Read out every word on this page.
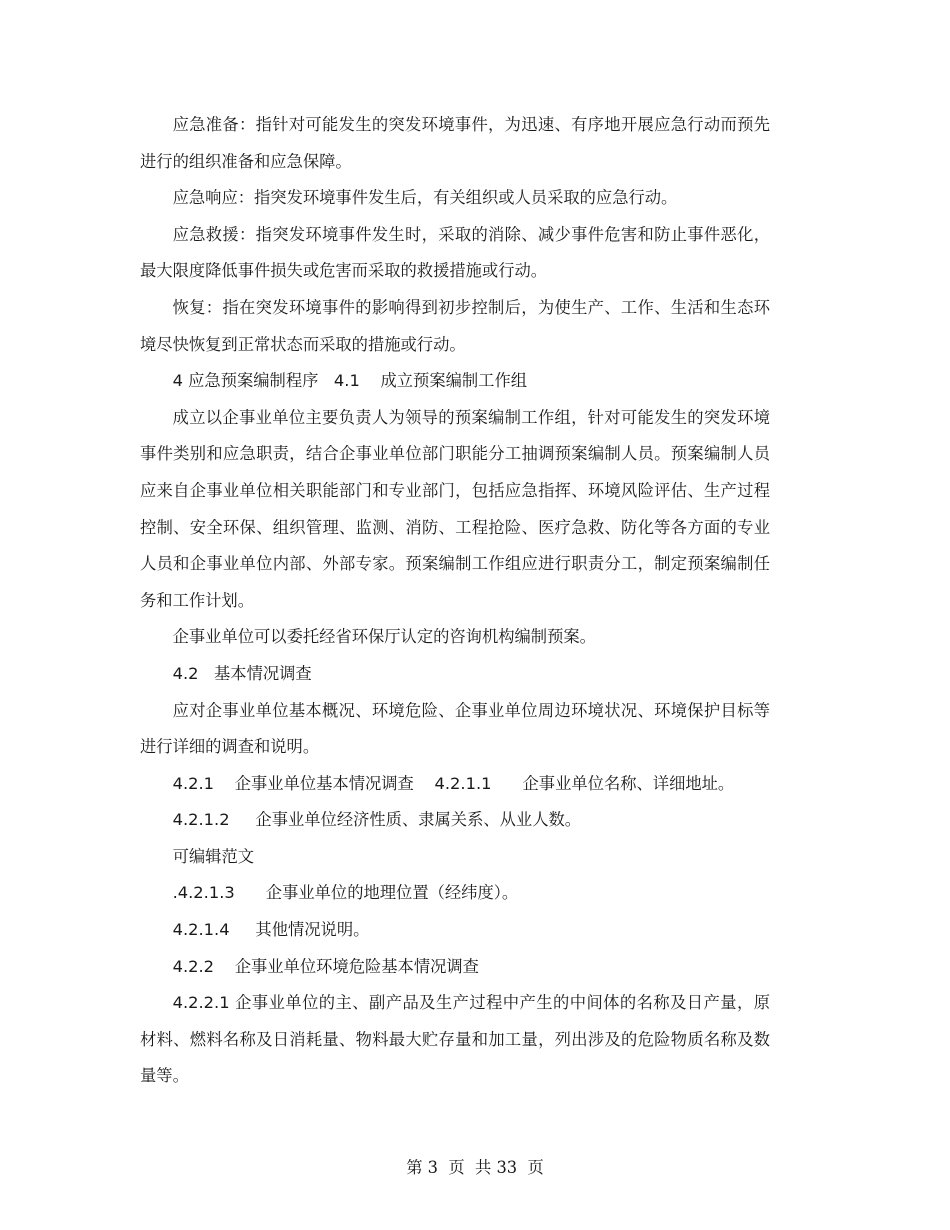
应急准备：指针对可能发生的突发环境事件，为迅速、有序地开展应急行动而预先进行的组织准备和应急保障。

应急响应：指突发环境事件发生后，有关组织或人员采取的应急行动。

应急救援：指突发环境事件发生时，采取的消除、减少事件危害和防止事件恶化，最大限度降低事件损失或危害而采取的救援措施或行动。

恢复：指在突发环境事件的影响得到初步控制后，为使生产、工作、生活和生态环境尽快恢复到正常状态而采取的措施或行动。

4 应急预案编制程序   4.1    成立预案编制工作组

成立以企事业单位主要负责人为领导的预案编制工作组，针对可能发生的突发环境事件类别和应急职责，结合企事业单位部门职能分工抽调预案编制人员。预案编制人员应来自企事业单位相关职能部门和专业部门，包括应急指挥、环境风险评估、生产过程控制、安全环保、组织管理、监测、消防、工程抢险、医疗急救、防化等各方面的专业人员和企事业单位内部、外部专家。预案编制工作组应进行职责分工，制定预案编制任务和工作计划。

企事业单位可以委托经省环保厅认定的咨询机构编制预案。

4.2   基本情况调查

应对企事业单位基本概况、环境危险、企事业单位周边环境状况、环境保护目标等进行详细的调查和说明。

4.2.1    企事业单位基本情况调查    4.2.1.1      企事业单位名称、详细地址。

4.2.1.2     企事业单位经济性质、隶属关系、从业人数。

可编辑范文

.4.2.1.3      企事业单位的地理位置（经纬度）。

4.2.1.4     其他情况说明。

4.2.2    企事业单位环境危险基本情况调查

4.2.2.1 企事业单位的主、副产品及生产过程中产生的中间体的名称及日产量，原材料、燃料名称及日消耗量、物料最大贮存量和加工量，列出涉及的危险物质名称及数量等。

第 3  页  共 33  页
